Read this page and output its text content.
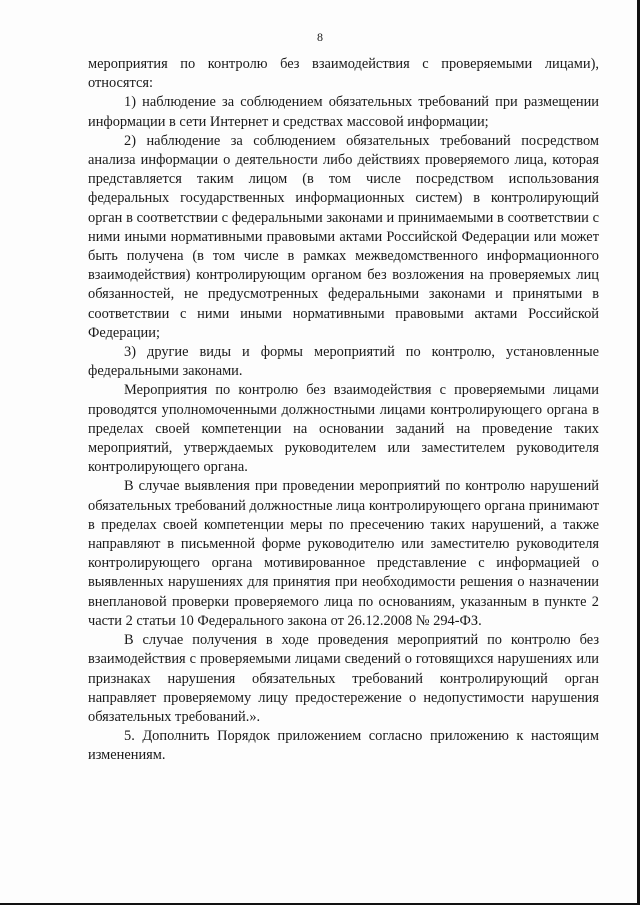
8

мероприятия по контролю без взаимодействия с проверяемыми лицами), относятся:

1) наблюдение за соблюдением обязательных требований при размещении информации в сети Интернет и средствах массовой информации;

2) наблюдение за соблюдением обязательных требований посредством анализа информации о деятельности либо действиях проверяемого лица, которая представляется таким лицом (в том числе посредством использования федеральных государственных информационных систем) в контролирующий орган в соответствии с федеральными законами и принимаемыми в соответствии с ними иными нормативными правовыми актами Российской Федерации или может быть получена (в том числе в рамках межведомственного информационного взаимодействия) контролирующим органом без возложения на проверяемых лиц обязанностей, не предусмотренных федеральными законами и принятыми в соответствии с ними иными нормативными правовыми актами Российской Федерации;

3) другие виды и формы мероприятий по контролю, установленные федеральными законами.

Мероприятия по контролю без взаимодействия с проверяемыми лицами проводятся уполномоченными должностными лицами контролирующего органа в пределах своей компетенции на основании заданий на проведение таких мероприятий, утверждаемых руководителем или заместителем руководителя контролирующего органа.

В случае выявления при проведении мероприятий по контролю нарушений обязательных требований должностные лица контролирующего органа принимают в пределах своей компетенции меры по пресечению таких нарушений, а также направляют в письменной форме руководителю или заместителю руководителя контролирующего органа мотивированное представление с информацией о выявленных нарушениях для принятия при необходимости решения о назначении внеплановой проверки проверяемого лица по основаниям, указанным в пункте 2 части 2 статьи 10 Федерального закона от 26.12.2008 № 294-ФЗ.

В случае получения в ходе проведения мероприятий по контролю без взаимодействия с проверяемыми лицами сведений о готовящихся нарушениях или признаках нарушения обязательных требований контролирующий орган направляет проверяемому лицу предостережение о недопустимости нарушения обязательных требований.».

5. Дополнить Порядок приложением согласно приложению к настоящим изменениям.
